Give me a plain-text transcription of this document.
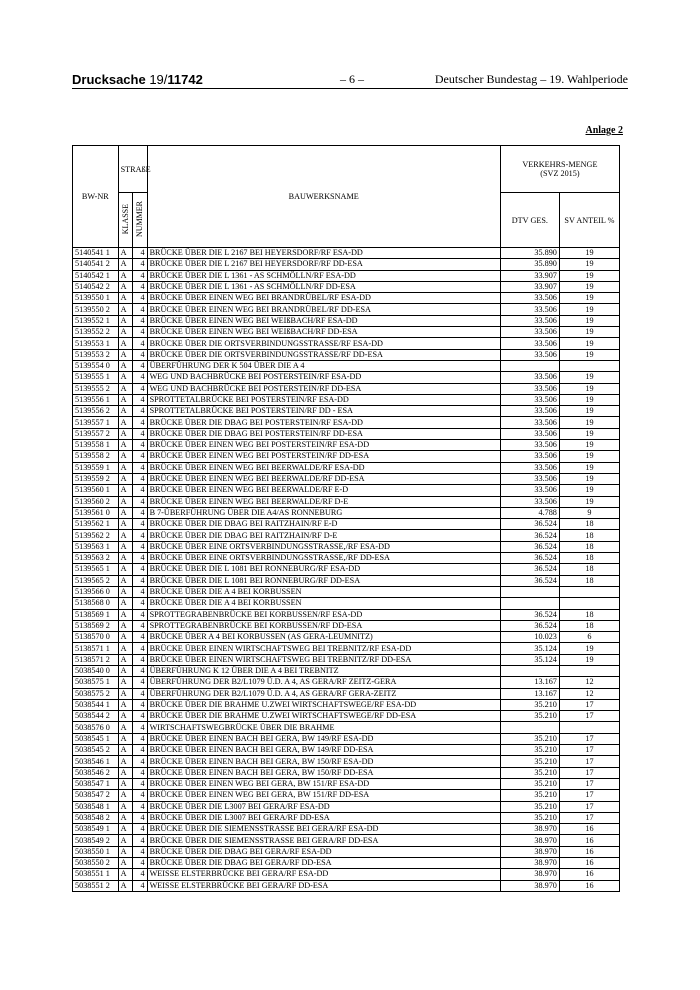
Drucksache 19/11742	– 6 –	Deutscher Bundestag – 19. Wahlperiode
Anlage 2
BW-NR	STRAßE		BAUWERKSNAME	VERKEHRS-MENGE
(SVZ 2015)	

	KLASSE	NUMMER		DTV GES.	SV ANTEIL %
5140541 1	A	4	BRÜCKE ÜBER DIE L 2167 BEI HEYERSDORF/RF ESA-DD	35.890	19
5140541 2	A	4	BRÜCKE ÜBER DIE L 2167 BEI HEYERSDORF/RF DD-ESA	35.890	19
5140542 1	A	4	BRÜCKE ÜBER DIE L 1361 - AS SCHMÖLLN/RF ESA-DD	33.907	19
5140542 2	A	4	BRÜCKE ÜBER DIE L 1361 - AS SCHMÖLLN/RF DD-ESA	33.907	19
5139550 1	A	4	BRÜCKE ÜBER EINEN WEG BEI BRANDRÜBEL/RF ESA-DD	33.506	19
5139550 2	A	4	BRÜCKE ÜBER EINEN WEG BEI BRANDRÜBEL/RF DD-ESA	33.506	19
5139552 1	A	4	BRÜCKE ÜBER EINEN WEG BEI WEIßBACH/RF ESA-DD	33.506	19
5139552 2	A	4	BRÜCKE ÜBER EINEN WEG BEI WEIßBACH/RF DD-ESA	33.506	19
5139553 1	A	4	BRÜCKE ÜBER DIE ORTSVERBINDUNGSSTRASSE/RF ESA-DD	33.506	19
5139553 2	A	4	BRÜCKE ÜBER DIE ORTSVERBINDUNGSSTRASSE/RF DD-ESA	33.506	19
5139554 0	A	4	ÜBERFÜHRUNG DER K 504 ÜBER DIE A 4		
5139555 1	A	4	WEG UND BACHBRÜCKE BEI POSTERSTEIN/RF ESA-DD	33.506	19
5139555 2	A	4	WEG UND BACHBRÜCKE BEI POSTERSTEIN/RF DD-ESA	33.506	19
5139556 1	A	4	SPROTTETALBRÜCKE BEI POSTERSTEIN/RF ESA-DD	33.506	19
5139556 2	A	4	SPROTTETALBRÜCKE BEI POSTERSTEIN/RF DD - ESA	33.506	19
5139557 1	A	4	BRÜCKE ÜBER DIE DBAG BEI POSTERSTEIN/RF ESA-DD	33.506	19
5139557 2	A	4	BRÜCKE ÜBER DIE DBAG BEI POSTERSTEIN/RF DD-ESA	33.506	19
5139558 1	A	4	BRÜCKE ÜBER EINEN WEG BEI POSTERSTEIN/RF ESA-DD	33.506	19
5139558 2	A	4	BRÜCKE ÜBER EINEN WEG BEI POSTERSTEIN/RF DD-ESA	33.506	19
5139559 1	A	4	BRÜCKE ÜBER EINEN WEG BEI BEERWALDE/RF ESA-DD	33.506	19
5139559 2	A	4	BRÜCKE ÜBER EINEN WEG BEI BEERWALDE/RF DD-ESA	33.506	19
5139560 1	A	4	BRÜCKE ÜBER EINEN WEG BEI BEERWALDE/RF E-D	33.506	19
5139560 2	A	4	BRÜCKE ÜBER EINEN WEG BEI BEERWALDE/RF D-E	33.506	19
5139561 0	A	4	B 7-ÜBERFÜHRUNG ÜBER DIE A4/AS RONNEBURG	4.788	9
5139562 1	A	4	BRÜCKE ÜBER DIE DBAG BEI RAITZHAIN/RF E-D	36.524	18
5139562 2	A	4	BRÜCKE ÜBER DIE DBAG BEI RAITZHAIN/RF D-E	36.524	18
5139563 1	A	4	BRÜCKE ÜBER EINE ORTSVERBINDUNGSSTRASSE,/RF ESA-DD	36.524	18
5139563 2	A	4	BRÜCKE ÜBER EINE ORTSVERBINDUNGSSTRASSE,/RF DD-ESA	36.524	18
5139565 1	A	4	BRÜCKE ÜBER DIE L 1081 BEI RONNEBURG/RF ESA-DD	36.524	18
5139565 2	A	4	BRÜCKE ÜBER DIE L 1081 BEI RONNEBURG/RF DD-ESA	36.524	18
5139566 0	A	4	BRÜCKE ÜBER DIE A 4 BEI KORBUSSEN		
5138568 0	A	4	BRÜCKE ÜBER DIE A 4 BEI KORBUSSEN		
5138569 1	A	4	SPROTTEGRABENBRÜCKE BEI KORBUSSEN/RF ESA-DD	36.524	18
5138569 2	A	4	SPROTTEGRABENBRÜCKE BEI KORBUSSEN/RF DD-ESA	36.524	18
5138570 0	A	4	BRÜCKE ÜBER A 4 BEI KORBUSSEN (AS GERA-LEUMNITZ)	10.023	6
5138571 1	A	4	BRÜCKE ÜBER EINEN WIRTSCHAFTSWEG BEI TREBNITZ/RF ESA-DD	35.124	19
5138571 2	A	4	BRÜCKE ÜBER EINEN WIRTSCHAFTSWEG BEI TREBNITZ/RF DD-ESA	35.124	19
5038540 0	A	4	ÜBERFÜHRUNG K 12 ÜBER DIE A 4 BEI TREBNITZ		
5038575 1	A	4	ÜBERFÜHRUNG DER B2/L1079 Ü.D. A 4, AS GERA/RF ZEITZ-GERA	13.167	12
5038575 2	A	4	ÜBERFÜHRUNG DER B2/L1079 Ü.D. A 4, AS GERA/RF GERA-ZEITZ	13.167	12
5038544 1	A	4	BRÜCKE ÜBER DIE BRAHME U.ZWEI WIRTSCHAFTSWEGE/RF ESA-DD	35.210	17
5038544 2	A	4	BRÜCKE ÜBER DIE BRAHME U.ZWEI WIRTSCHAFTSWEGE/RF DD-ESA	35.210	17
5038576 0	A	4	WIRTSCHAFTSWEGBRÜCKE ÜBER DIE BRAHME		
5038545 1	A	4	BRÜCKE ÜBER EINEN BACH BEI GERA, BW 149/RF ESA-DD	35.210	17
5038545 2	A	4	BRÜCKE ÜBER EINEN BACH BEI GERA, BW 149/RF DD-ESA	35.210	17
5038546 1	A	4	BRÜCKE ÜBER EINEN BACH BEI GERA, BW 150/RF ESA-DD	35.210	17
5038546 2	A	4	BRÜCKE ÜBER EINEN BACH BEI GERA, BW 150/RF DD-ESA	35.210	17
5038547 1	A	4	BRÜCKE ÜBER EINEN WEG BEI GERA, BW 151/RF ESA-DD	35.210	17
5038547 2	A	4	BRÜCKE ÜBER EINEN WEG BEI GERA, BW 151/RF DD-ESA	35.210	17
5038548 1	A	4	BRÜCKE ÜBER DIE L3007 BEI GERA/RF ESA-DD	35.210	17
5038548 2	A	4	BRÜCKE ÜBER DIE L3007 BEI GERA/RF DD-ESA	35.210	17
5038549 1	A	4	BRÜCKE ÜBER DIE SIEMENSSTRASSE BEI GERA/RF ESA-DD	38.970	16
5038549 2	A	4	BRÜCKE ÜBER DIE SIEMENSSTRASSE BEI GERA/RF DD-ESA	38.970	16
5038550 1	A	4	BRÜCKE ÜBER DIE DBAG BEI GERA/RF ESA-DD	38.970	16
5038550 2	A	4	BRÜCKE ÜBER DIE DBAG BEI GERA/RF DD-ESA	38.970	16
5038551 1	A	4	WEISSE ELSTERBRÜCKE BEI GERA/RF ESA-DD	38.970	16
5038551 2	A	4	WEISSE ELSTERBRÜCKE BEI GERA/RF DD-ESA	38.970	16
